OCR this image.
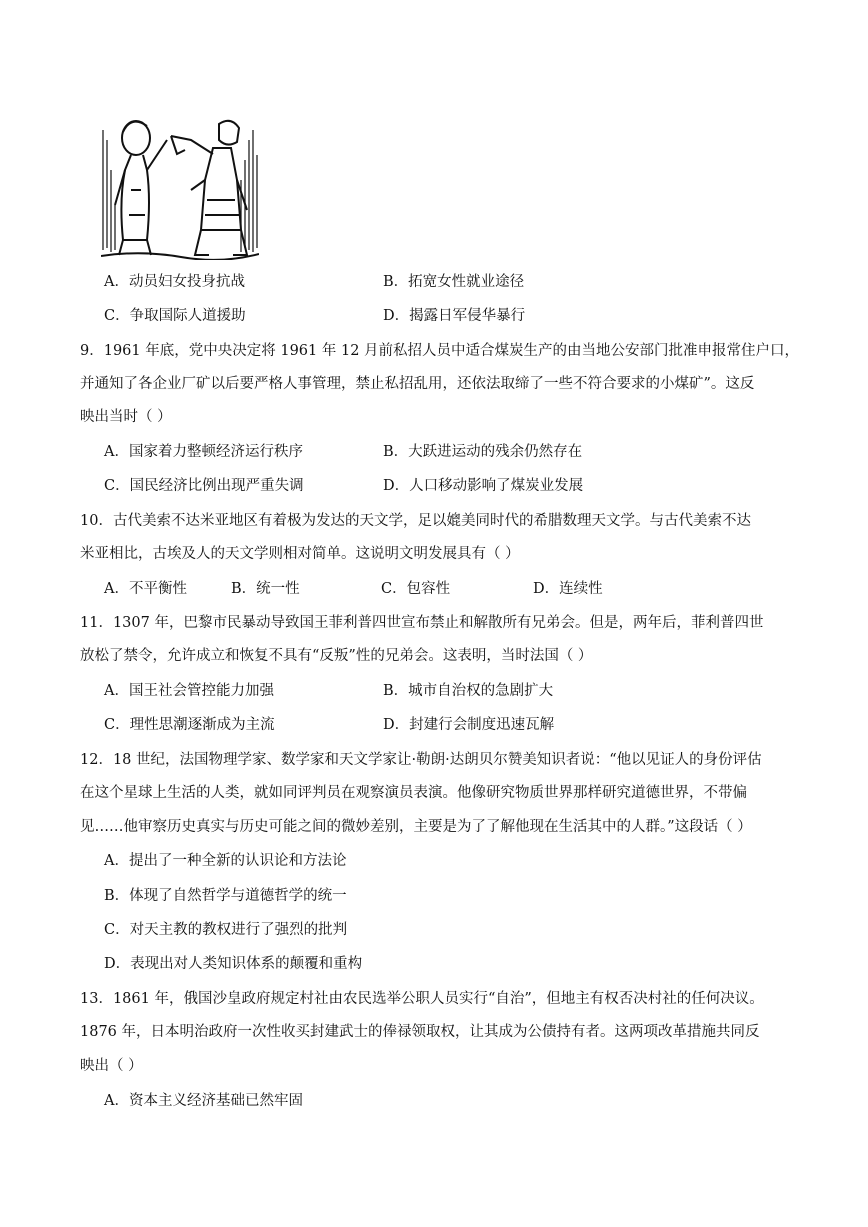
A．动员妇女投身抗战	B．拓宽女性就业途径
C．争取国际人道援助	D．揭露日军侵华暴行
9．1961 年底，党中央决定将 1961 年 12 月前私招人员中适合煤炭生产的由当地公安部门批准申报常住户口，
并通知了各企业厂矿以后要严格人事管理，禁止私招乱用，还依法取缔了一些不符合要求的小煤矿”。这反
映出当时（ ）
A．国家着力整顿经济运行秩序	B．大跃进运动的残余仍然存在
C．国民经济比例出现严重失调	D．人口移动影响了煤炭业发展
10．古代美索不达米亚地区有着极为发达的天文学，足以媲美同时代的希腊数理天文学。与古代美索不达
米亚相比，古埃及人的天文学则相对简单。这说明文明发展具有（ ）
A．不平衡性	B．统一性	C．包容性	D．连续性
11．1307 年，巴黎市民暴动导致国王菲利普四世宣布禁止和解散所有兄弟会。但是，两年后，菲利普四世
放松了禁令，允许成立和恢复不具有“反叛”性的兄弟会。这表明，当时法国（ ）
A．国王社会管控能力加强	B．城市自治权的急剧扩大
C．理性思潮逐渐成为主流	D．封建行会制度迅速瓦解
12．18 世纪，法国物理学家、数学家和天文学家让·勒朗·达朗贝尔赞美知识者说：“他以见证人的身份评估
在这个星球上生活的人类，就如同评判员在观察演员表演。他像研究物质世界那样研究道德世界，不带偏
见……他审察历史真实与历史可能之间的微妙差别，主要是为了了解他现在生活其中的人群。”这段话（ ）
A．提出了一种全新的认识论和方法论
B．体现了自然哲学与道德哲学的统一
C．对天主教的教权进行了强烈的批判
D．表现出对人类知识体系的颠覆和重构
13．1861 年，俄国沙皇政府规定村社由农民选举公职人员实行“自治”，但地主有权否决村社的任何决议。
1876 年，日本明治政府一次性收买封建武士的俸禄领取权，让其成为公债持有者。这两项改革措施共同反
映出（ ）
A．资本主义经济基础已然牢固
